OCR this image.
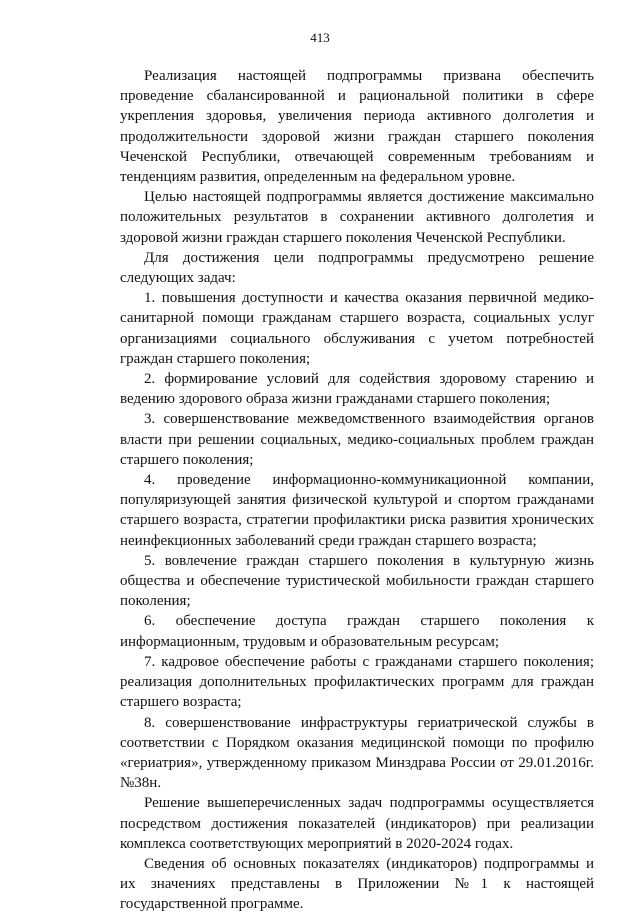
413

Реализация настоящей подпрограммы призвана обеспечить проведение сбалансированной и рациональной политики в сфере укрепления здоровья, увеличения периода активного долголетия и продолжительности здоровой жизни граждан старшего поколения Чеченской Республики, отвечающей современным требованиям и тенденциям развития, определенным на федеральном уровне.

Целью настоящей подпрограммы является достижение максимально положительных результатов в сохранении активного долголетия и здоровой жизни граждан старшего поколения Чеченской Республики.

Для достижения цели подпрограммы предусмотрено решение следующих задач:

1. повышения доступности и качества оказания первичной медико-санитарной помощи гражданам старшего возраста, социальных услуг организациями социального обслуживания с учетом потребностей граждан старшего поколения;

2. формирование условий для содействия здоровому старению и ведению здорового образа жизни гражданами старшего поколения;

3. совершенствование межведомственного взаимодействия органов власти при решении социальных, медико-социальных проблем граждан старшего поколения;

4. проведение информационно-коммуникационной компании, популяризующей занятия физической культурой и спортом гражданами старшего возраста, стратегии профилактики риска развития хронических неинфекционных заболеваний среди граждан старшего возраста;

5. вовлечение граждан старшего поколения в культурную жизнь общества и обеспечение туристической мобильности граждан старшего поколения;

6. обеспечение доступа граждан старшего поколения к информационным, трудовым и образовательным ресурсам;

7. кадровое обеспечение работы с гражданами старшего поколения; реализация дополнительных профилактических программ для граждан старшего возраста;

8. совершенствование инфраструктуры гериатрической службы в соответствии с Порядком оказания медицинской помощи по профилю «гериатрия», утвержденному приказом Минздрава России от 29.01.2016г. №38н.

Решение вышеперечисленных задач подпрограммы осуществляется посредством достижения показателей (индикаторов) при реализации комплекса соответствующих мероприятий в 2020-2024 годах.

Сведения об основных показателях (индикаторов) подпрограммы и их значениях представлены в Приложении №1 к настоящей государственной программе.
